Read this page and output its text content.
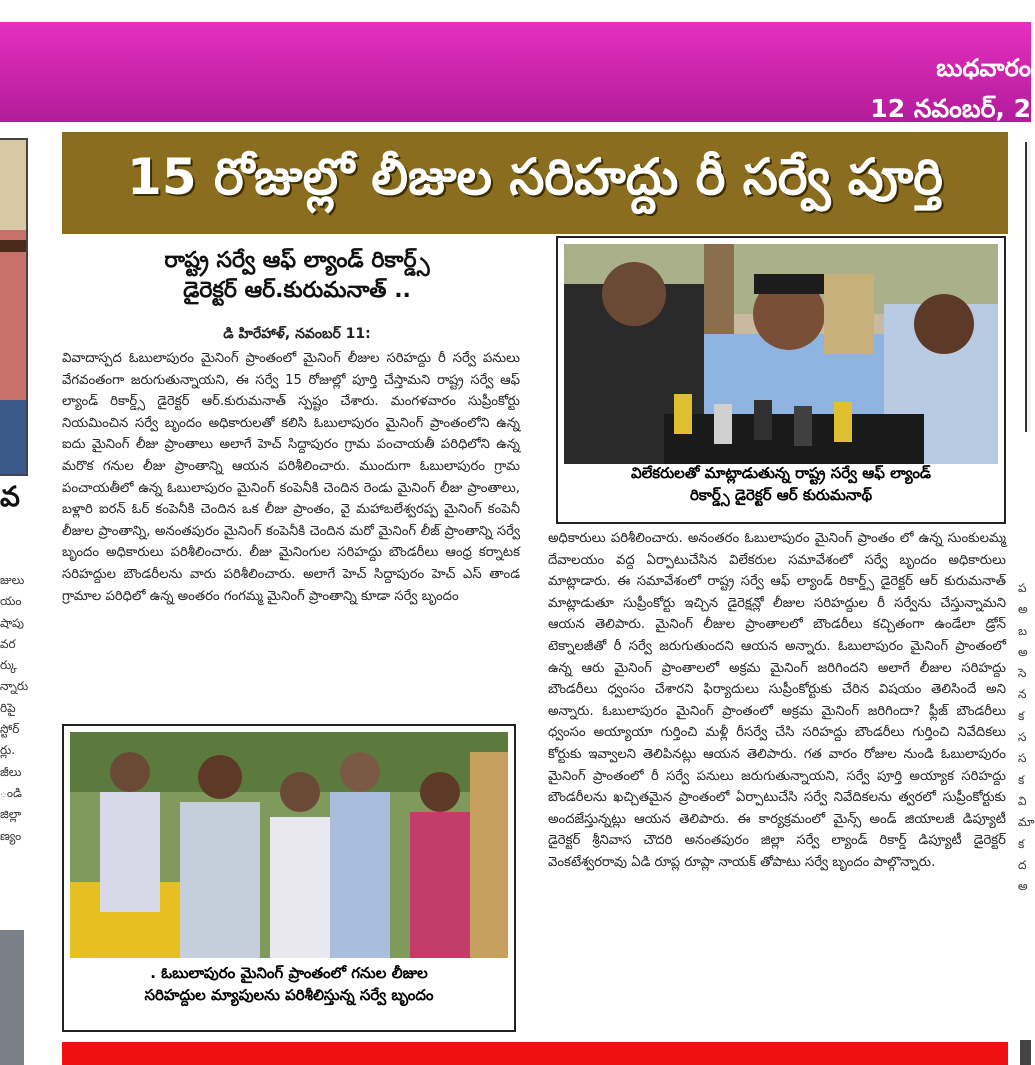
బుధవారం
12 నవంబర్, 2
వ
జులు
యం
షాపు
వర
ర్కు
న్నారు
రిపై
స్టోర్
ర్లు.
జీలు
ండి
జిల్లా
ణ్యం
ప
అ
బ
అ
సె
న
క
స
స
క
వి
మా
క
ద
అ
15 రోజుల్లో లీజుల సరిహద్దు రీ సర్వే పూర్తి
రాష్ట్ర సర్వే ఆఫ్ ల్యాండ్ రికార్డ్స్
డైరెక్టర్ ఆర్.కురుమనాత్ ..
డి హిరేహాళ్, నవంబర్ 11:
వివాదాస్పద ఓబులాపురం మైనింగ్ ప్రాంతంలో మైనింగ్ లీజుల సరిహద్దు రీ సర్వే పనులు వేగవంతంగా జరుగుతున్నాయని, ఈ సర్వే 15 రోజుల్లో పూర్తి చేస్తామని రాష్ట్ర సర్వే ఆఫ్ ల్యాండ్ రికార్డ్స్ డైరెక్టర్ ఆర్.కురుమనాత్ స్పష్టం చేశారు. మంగళవారం సుప్రీంకోర్టు నియమించిన సర్వే బృందం అధికారులతో కలిసి ఓబులాపురం మైనింగ్ ప్రాంతంలోని ఉన్న ఐదు మైనింగ్ లీజు ప్రాంతాలు అలాగే హెచ్ సిద్దాపురం గ్రామ పంచాయతీ పరిధిలోని ఉన్న మరొక గనుల లీజు ప్రాంతాన్ని ఆయన పరిశీలించారు. ముందుగా ఓబులాపురం గ్రామ పంచాయతీలో ఉన్న ఓబులాపురం మైనింగ్ కంపెనీకి చెందిన రెండు మైనింగ్ లీజు ప్రాంతాలు, బళ్లారి ఐరన్ ఓర్ కంపెనీకి చెందిన ఒక లీజు ప్రాంతం, వై మహాబలేశ్వరప్ప మైనింగ్ కంపెనీ లీజుల ప్రాంతాన్ని, అనంతపురం మైనింగ్ కంపెనీకి చెందిన మరో మైనింగ్ లీజ్ ప్రాంతాన్ని సర్వే బృందం అధికారులు పరిశీలించారు. లీజు మైనింగుల సరిహద్దు బౌండరీలు ఆంధ్ర కర్నాటక సరిహద్దుల బౌండరీలను వారు పరిశీలించారు. అలాగే హెచ్ సిద్దాపురం హెచ్ ఎస్ తాండ గ్రామాల పరిధిలో ఉన్న అంతరం గంగమ్మ మైనింగ్ ప్రాంతాన్ని కూడా సర్వే బృందం
విలేకరులతో మాట్లాడుతున్న రాష్ట్ర సర్వే ఆఫ్ ల్యాండ్
రికార్డ్స్ డైరెక్టర్ ఆర్ కురుమనాథ్
అధికారులు పరిశీలించారు. అనంతరం ఓబులాపురం మైనింగ్ ప్రాంతం లో ఉన్న సుంకులమ్మ దేవాలయం వద్ద ఏర్పాటుచేసిన విలేకరుల సమావేశంలో సర్వే బృందం అధికారులు మాట్లాడారు. ఈ సమావేశంలో రాష్ట్ర సర్వే ఆఫ్ ల్యాండ్ రికార్డ్స్ డైరెక్టర్ ఆర్ కురుమనాత్ మాట్లాడుతూ సుప్రీంకోర్టు ఇచ్చిన డైరెక్షన్లో లీజుల సరిహద్దుల రీ సర్వేను చేస్తున్నామని ఆయన తెలిపారు. మైనింగ్ లీజుల ప్రాంతాలలో బౌండరీలు కచ్చితంగా ఉండేలా డ్రోన్ టెక్నాలజీతో రీ సర్వే జరుగుతుందని ఆయన అన్నారు. ఓబులాపురం మైనింగ్ ప్రాంతంలో ఉన్న ఆరు మైనింగ్ ప్రాంతాలలో అక్రమ మైనింగ్ జరిగిందని అలాగే లీజుల సరిహద్దు బౌండరీలు ధ్వంసం చేశారని ఫిర్యాదులు సుప్రీంకోర్టుకు చేరిన విషయం తెలిసిందే అని అన్నారు. ఓబులాపురం మైనింగ్ ప్రాంతంలో అక్రమ మైనింగ్ జరిగిందా? ఫ్లీజ్ బౌండరీలు ధ్వంసం అయ్యాయా గుర్తించి మళ్లీ రీసర్వే చేసి సరిహద్దు బౌండరీలు గుర్తించి నివేదికలు కోర్టుకు ఇవ్వాలని తెలిపినట్లు ఆయన తెలిపారు. గత వారం రోజుల నుండి ఓబులాపురం మైనింగ్ ప్రాంతంలో రీ సర్వే పనులు జరుగుతున్నాయని, సర్వే పూర్తి అయ్యాక సరిహద్దు బౌండరీలను ఖచ్చితమైన ప్రాంతంలో ఏర్పాటుచేసి సర్వే నివేదికలను త్వరలో సుప్రీంకోర్టుకు అందజేస్తున్నట్లు ఆయన తెలిపారు. ఈ కార్యక్రమంలో మైన్స్ అండ్ జియాలజీ డిప్యూటీ డైరెక్టర్ శ్రీనివాస చౌదరి అనంతపురం జిల్లా సర్వే ల్యాండ్ రికార్డ్ డిప్యూటీ డైరెక్టర్ వెంకటేశ్వరరావు ఏడి రూప్ల రూప్లా నాయక్ తోపాటు సర్వే బృందం పాల్గొన్నారు.
. ఓబులాపురం మైనింగ్ ప్రాంతంలో గనుల లీజుల
సరిహద్దుల మ్యాపులను పరిశీలిస్తున్న సర్వే బృందం
